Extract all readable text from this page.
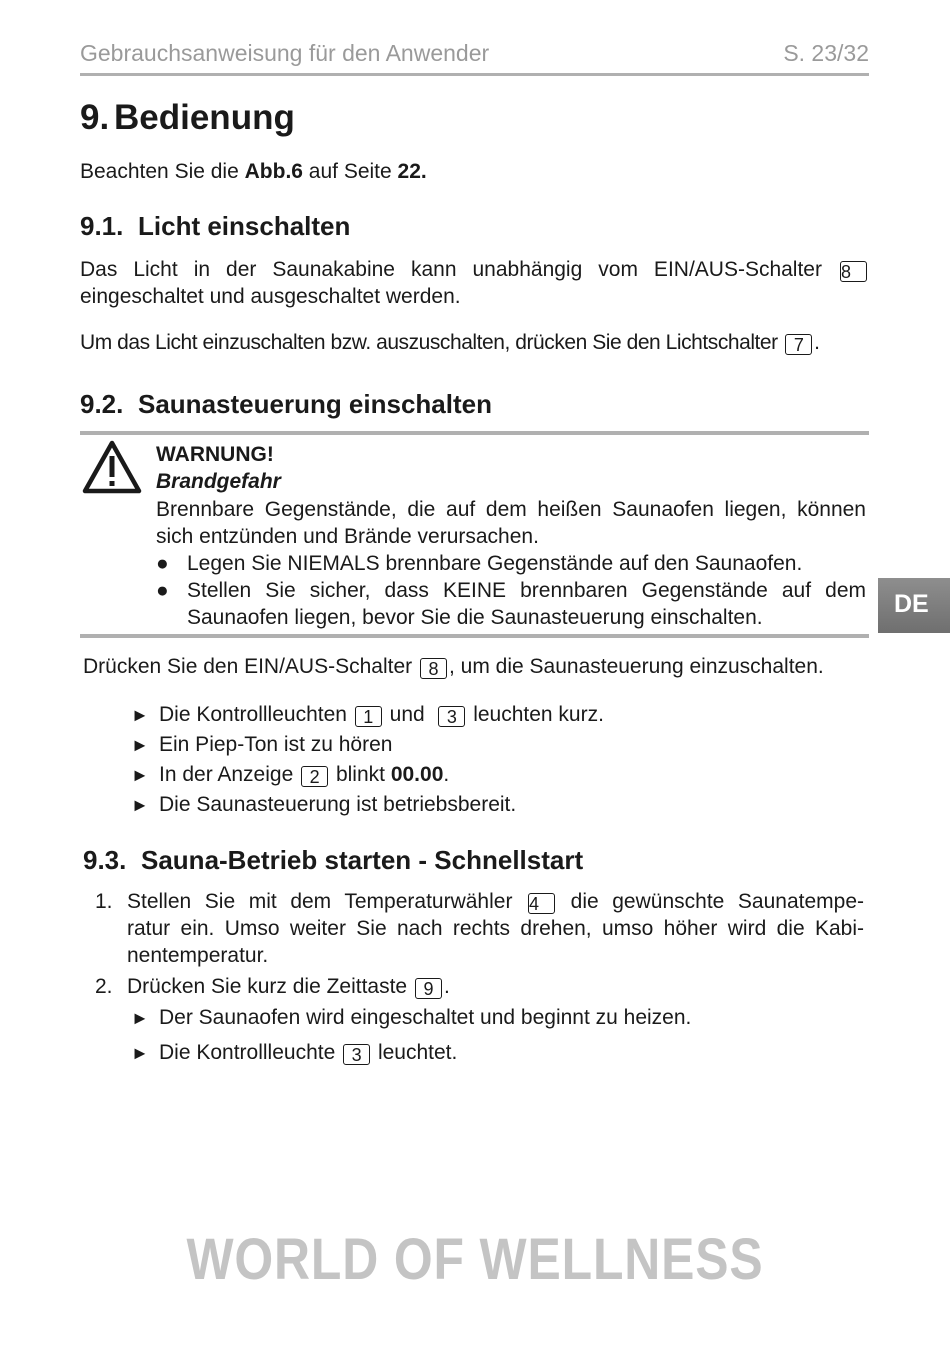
Gebrauchsanweisung für den Anwender	S. 23/32
9. Bedienung
Beachten Sie die Abb.6 auf Seite 22.
9.1. Licht einschalten
Das Licht in der Saunakabine kann unabhängig vom EIN/AUS-Schalter 8
eingeschaltet und ausgeschaltet werden.
Um das Licht einzuschalten bzw. auszuschalten, drücken Sie den Lichtschalter 7 .
9.2. Saunasteuerung einschalten
WARNUNG!
Brandgefahr
Brennbare Gegenstände, die auf dem heißen Saunaofen liegen, können
sich entzünden und Brände verursachen.
● Legen Sie NIEMALS brennbare Gegenstände auf den Saunaofen.
● Stellen Sie sicher, dass KEINE brennbaren Gegenstände auf dem
Saunaofen liegen, bevor Sie die Saunasteuerung einschalten.	DE
Drücken Sie den EIN/AUS-Schalter 8 , um die Saunasteuerung einzuschalten.
► Die Kontrollleuchten 1 und 3 leuchten kurz.
► Ein Piep-Ton ist zu hören
► In der Anzeige 2 blinkt 00.00.
► Die Saunasteuerung ist betriebsbereit.
9.3. Sauna-Betrieb starten - Schnellstart
1. Stellen Sie mit dem Temperaturwähler 4 die gewünschte Saunatempe-
ratur ein. Umso weiter Sie nach rechts drehen, umso höher wird die Kabi-
nentemperatur.
2. Drücken Sie kurz die Zeittaste 9 .
► Der Saunaofen wird eingeschaltet und beginnt zu heizen.
► Die Kontrollleuchte 3 leuchtet.
WORLD OF WELLNESS
